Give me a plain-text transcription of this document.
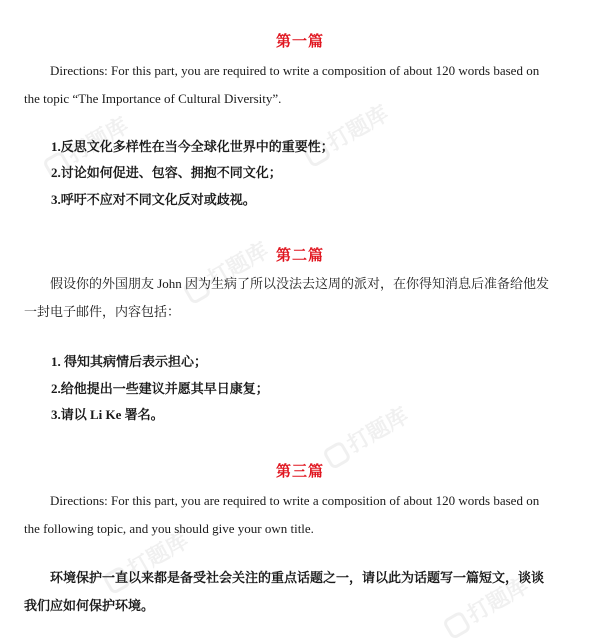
打题库
打题库
打题库
打题库
打题库
打题库
第一篇
Directions: For this part, you are required to write a composition of about 120 words based on
the topic “The Importance of Cultural Diversity”.
1.反思文化多样性在当今全球化世界中的重要性；
2.讨论如何促进、包容、拥抱不同文化；
3.呼吁不应对不同文化反对或歧视。
第二篇
假设你的外国朋友 John 因为生病了所以没法去这周的派对，在你得知消息后准备给他发
一封电子邮件，内容包括：
1. 得知其病情后表示担心；
2.给他提出一些建议并愿其早日康复；
3.请以 Li Ke 署名。
第三篇
Directions: For this part, you are required to write a composition of about 120 words based on
the following topic, and you should give your own title.
环境保护一直以来都是备受社会关注的重点话题之一，请以此为话题写一篇短文，谈谈
我们应如何保护环境。
